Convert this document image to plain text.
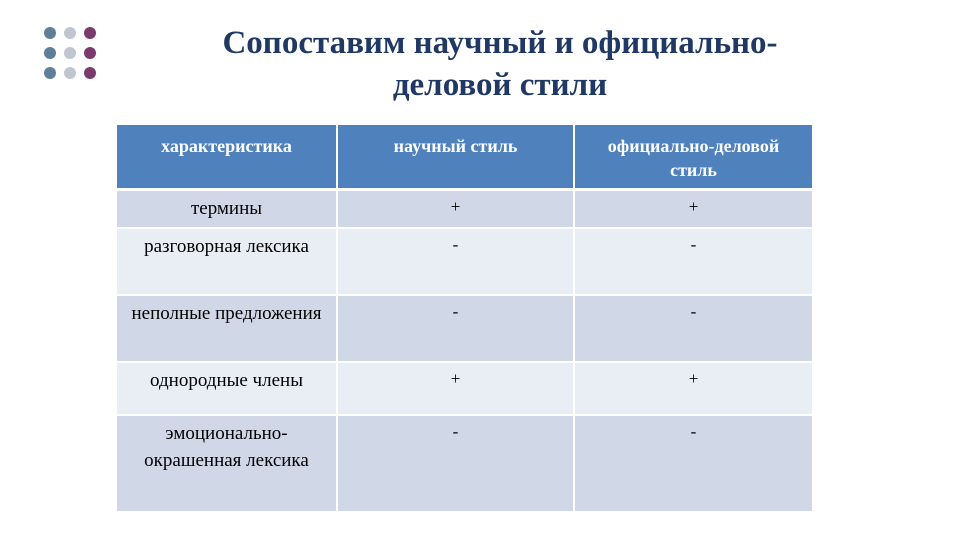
Сопоставим научный и официально-
деловой стили
характеристика	научный стиль	официально-деловой стиль
термины	+	+
разговорная лексика	-	-
неполные предложения	-	-
однородные члены	+	+
эмоционально-окрашенная лексика	-	-
